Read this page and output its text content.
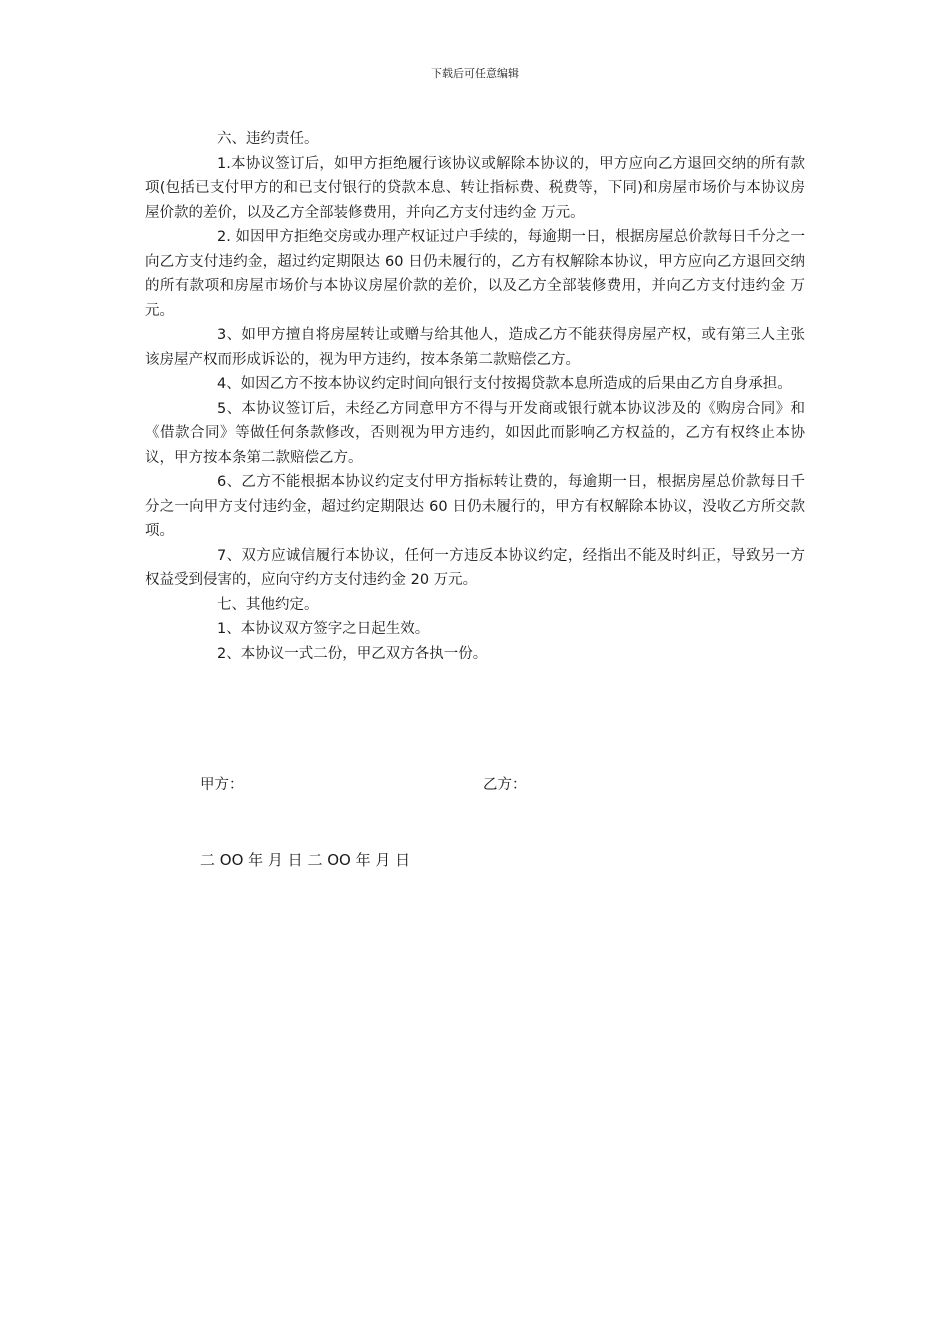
下载后可任意编辑

六、违约责任。

1.本协议签订后，如甲方拒绝履行该协议或解除本协议的，甲方应向乙方退回交纳的所有款项(包括已支付甲方的和已支付银行的贷款本息、转让指标费、税费等，下同)和房屋市场价与本协议房屋价款的差价，以及乙方全部装修费用，并向乙方支付违约金 万元。

2. 如因甲方拒绝交房或办理产权证过户手续的，每逾期一日，根据房屋总价款每日千分之一向乙方支付违约金，超过约定期限达 60 日仍未履行的，乙方有权解除本协议，甲方应向乙方退回交纳的所有款项和房屋市场价与本协议房屋价款的差价，以及乙方全部装修费用，并向乙方支付违约金 万元。

3、如甲方擅自将房屋转让或赠与给其他人，造成乙方不能获得房屋产权，或有第三人主张该房屋产权而形成诉讼的，视为甲方违约，按本条第二款赔偿乙方。

4、如因乙方不按本协议约定时间向银行支付按揭贷款本息所造成的后果由乙方自身承担。

5、本协议签订后，未经乙方同意甲方不得与开发商或银行就本协议涉及的《购房合同》和《借款合同》等做任何条款修改，否则视为甲方违约，如因此而影响乙方权益的，乙方有权终止本协议，甲方按本条第二款赔偿乙方。

6、乙方不能根据本协议约定支付甲方指标转让费的，每逾期一日，根据房屋总价款每日千分之一向甲方支付违约金，超过约定期限达 60 日仍未履行的，甲方有权解除本协议，没收乙方所交款项。

7、双方应诚信履行本协议，任何一方违反本协议约定，经指出不能及时纠正，导致另一方权益受到侵害的，应向守约方支付违约金 20 万元。

七、其他约定。

1、本协议双方签字之日起生效。

2、本协议一式二份，甲乙双方各执一份。

甲方：	乙方：
二 OO 年 月 日 二 OO 年 月 日
